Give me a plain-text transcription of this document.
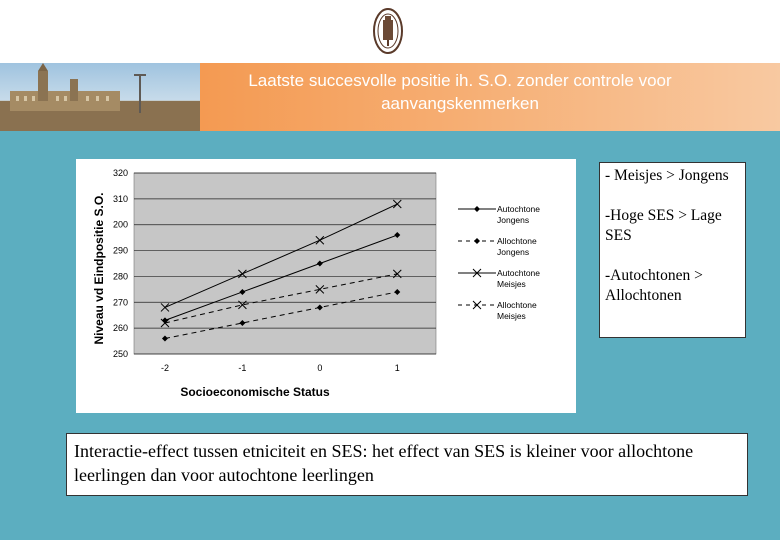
Laatste succesvolle positie ih. S.O. zonder controle voor aanvangskenmerken
250
260
270
280
290
200
310
320
-2	-1	0	1
Socioeconomische Status
Niveau vd Eindpositie S.O.	Autochtone
Jongens
Allochtone
Jongens
Autochtone
Meisjes
Allochtone
Meisjes

- Meisjes > Jongens

-Hoge SES > Lage SES

-Autochtonen > Allochtonen

Interactie-effect tussen etniciteit en SES: het effect van SES is kleiner voor allochtone leerlingen dan voor autochtone leerlingen
